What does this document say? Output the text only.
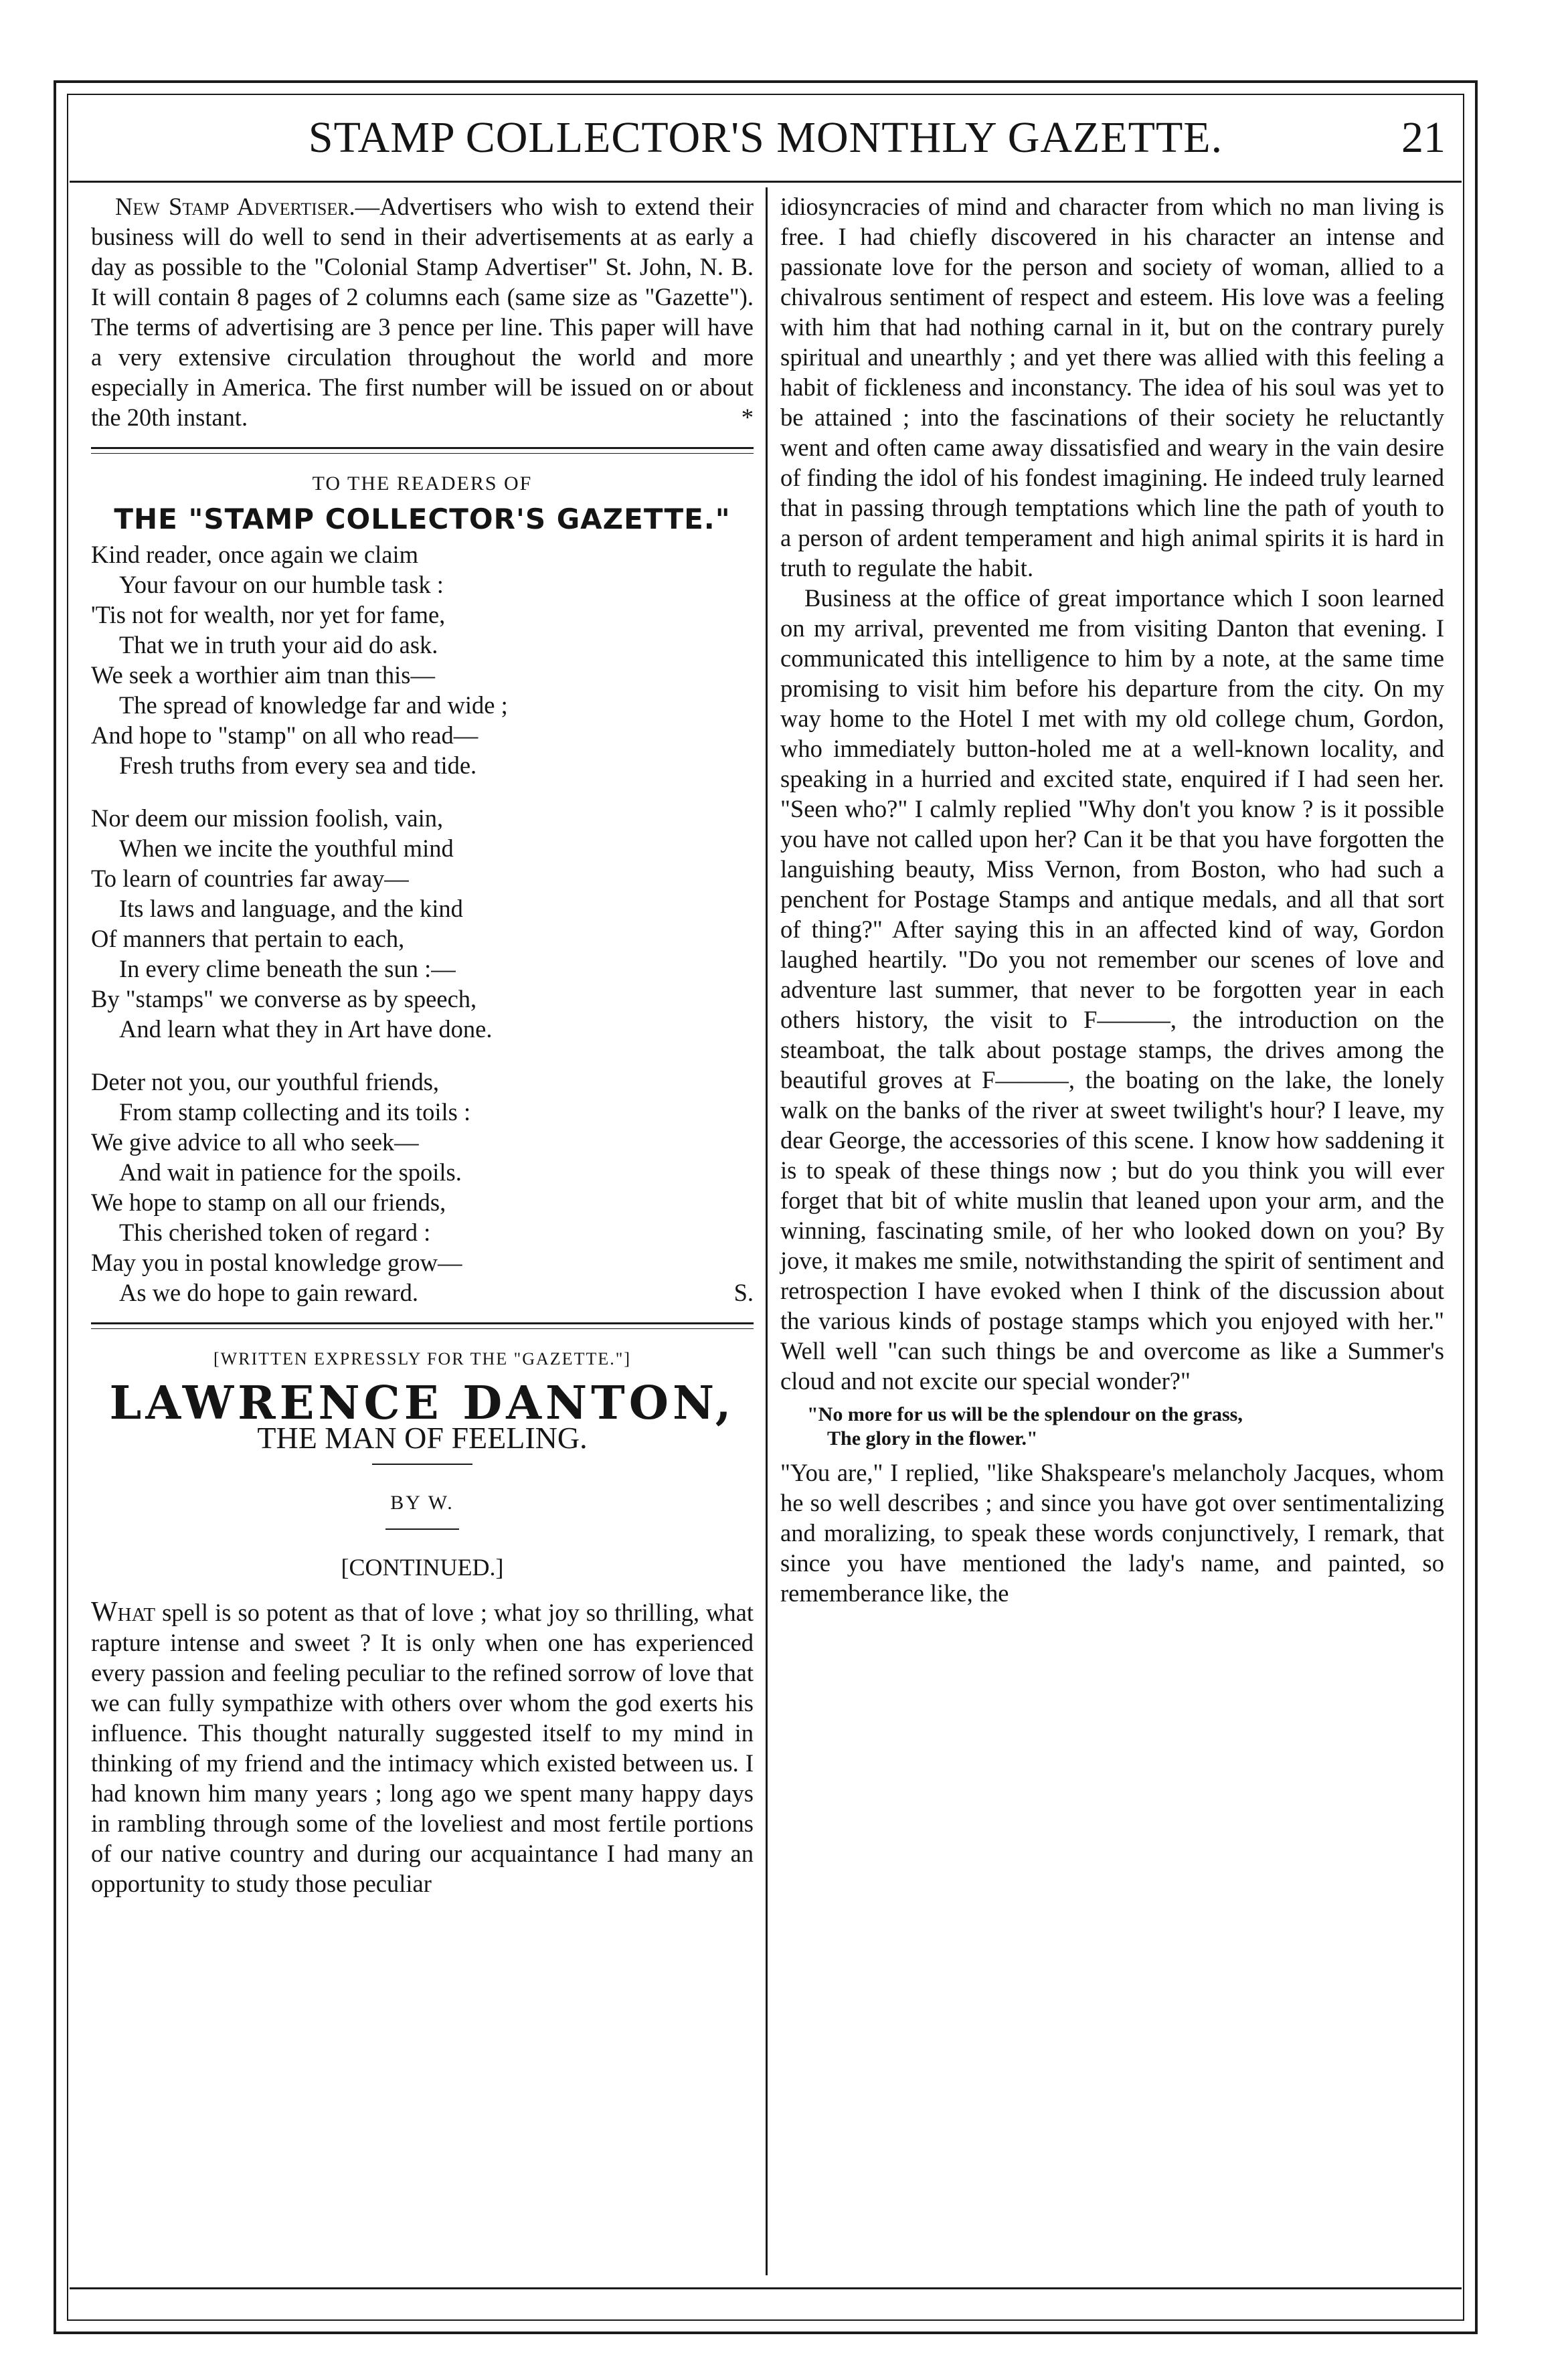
STAMP COLLECTOR'S MONTHLY GAZETTE.	21

New Stamp Advertiser.—Advertisers who wish to extend their business will do well to send in their advertisements at as early a day as possible to the "Colonial Stamp Advertiser" St. John, N. B. It will contain 8 pages of 2 columns each (same size as "Gazette"). The terms of advertising are 3 pence per line. This paper will have a very extensive circulation throughout the world and more especially in America. The first number will be issued on or about the 20th instant.	*

TO THE READERS OF
THE "STAMP COLLECTOR'S GAZETTE."
Kind reader, once again we claim
Your favour on our humble task :
'Tis not for wealth, nor yet for fame,
That we in truth your aid do ask.
We seek a worthier aim tnan this—
The spread of knowledge far and wide ;
And hope to "stamp" on all who read—
Fresh truths from every sea and tide.
Nor deem our mission foolish, vain,
When we incite the youthful mind
To learn of countries far away—
Its laws and language, and the kind
Of manners that pertain to each,
In every clime beneath the sun :—
By "stamps" we converse as by speech,
And learn what they in Art have done.
Deter not you, our youthful friends,
From stamp collecting and its toils :
We give advice to all who seek—
And wait in patience for the spoils.
We hope to stamp on all our friends,
This cherished token of regard :
May you in postal knowledge grow—
As we do hope to gain reward.	S.
[WRITTEN EXPRESSLY FOR THE "GAZETTE."]
LAWRENCE DANTON,
THE MAN OF FEELING.
BY W.
[CONTINUED.]

What spell is so potent as that of love ; what joy so thrilling, what rapture intense and sweet ? It is only when one has experienced every passion and feeling peculiar to the refined sorrow of love that we can fully sympathize with others over whom the god exerts his influence. This thought naturally suggested itself to my mind in thinking of my friend and the intimacy which existed between us. I had known him many years ; long ago we spent many happy days in rambling through some of the loveliest and most fertile portions of our native country and during our acquaintance I had many an opportunity to study those peculiar

idiosyncracies of mind and character from which no man living is free. I had chiefly discovered in his character an intense and passionate love for the person and society of woman, allied to a chivalrous sentiment of respect and esteem. His love was a feeling with him that had nothing carnal in it, but on the contrary purely spiritual and unearthly ; and yet there was allied with this feeling a habit of fickleness and inconstancy. The idea of his soul was yet to be attained ; into the fascinations of their society he reluctantly went and often came away dissatisfied and weary in the vain desire of finding the idol of his fondest imagining. He indeed truly learned that in passing through temptations which line the path of youth to a person of ardent temperament and high animal spirits it is hard in truth to regulate the habit.

Business at the office of great importance which I soon learned on my arrival, prevented me from visiting Danton that evening. I communicated this intelligence to him by a note, at the same time promising to visit him before his departure from the city. On my way home to the Hotel I met with my old college chum, Gordon, who immediately button-holed me at a well-known locality, and speaking in a hurried and excited state, enquired if I had seen her. "Seen who?" I calmly replied "Why don't you know ? is it possible you have not called upon her? Can it be that you have forgotten the languishing beauty, Miss Vernon, from Boston, who had such a penchent for Postage Stamps and antique medals, and all that sort of thing?" After saying this in an affected kind of way, Gordon laughed heartily. "Do you not remember our scenes of love and adventure last summer, that never to be forgotten year in each others history, the visit to F———, the introduction on the steamboat, the talk about postage stamps, the drives among the beautiful groves at F———, the boating on the lake, the lonely walk on the banks of the river at sweet twilight's hour? I leave, my dear George, the accessories of this scene. I know how saddening it is to speak of these things now ; but do you think you will ever forget that bit of white muslin that leaned upon your arm, and the winning, fascinating smile, of her who looked down on you? By jove, it makes me smile, notwithstanding the spirit of sentiment and retrospection I have evoked when I think of the discussion about the various kinds of postage stamps which you enjoyed with her." Well well "can such things be and overcome as like a Summer's cloud and not excite our special wonder?"

"No more for us will be the splendour on the grass,
The glory in the flower."

"You are," I replied, "like Shakspeare's melancholy Jacques, whom he so well describes ; and since you have got over sentimentalizing and moralizing, to speak these words conjunctively, I remark, that since you have mentioned the lady's name, and painted, so rememberance like, the
